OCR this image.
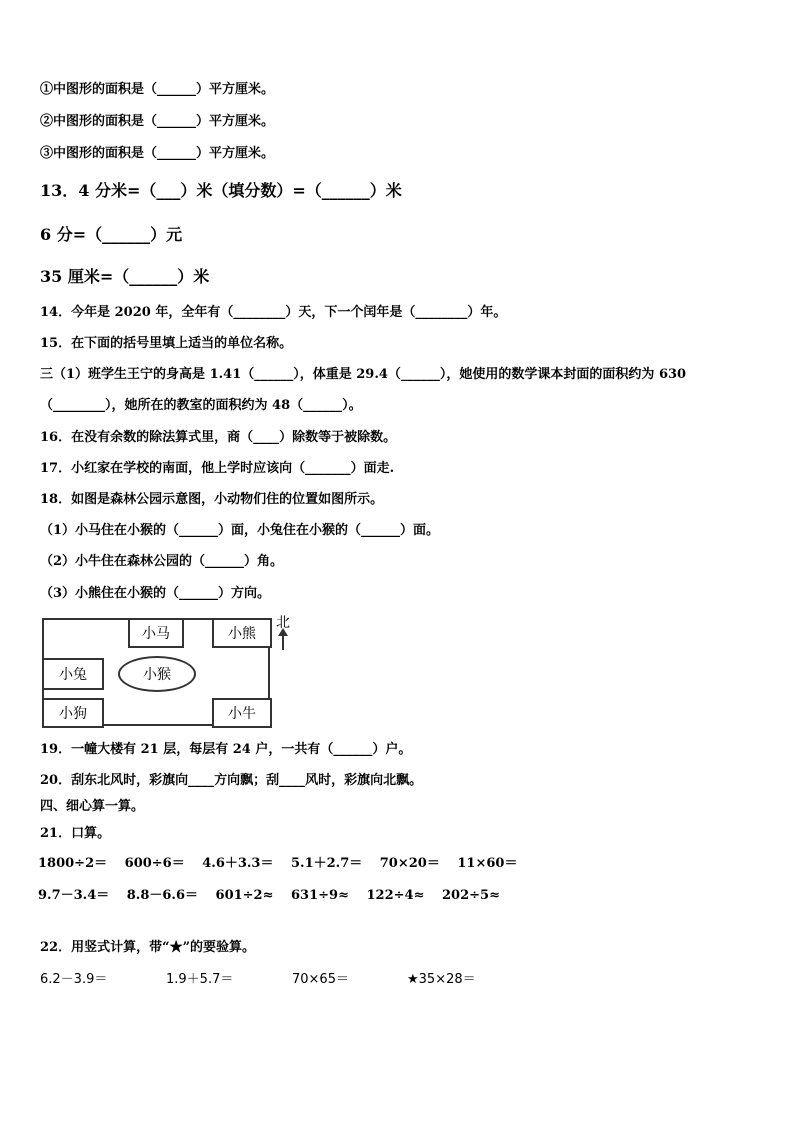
①中图形的面积是（______）平方厘米。
②中图形的面积是（______）平方厘米。
③中图形的面积是（______）平方厘米。
13．4 分米=（___）米（填分数）=（______）米
6 分=（______）元
35 厘米=（______）米
14．今年是 2020 年，全年有（________）天，下一个闰年是（________）年。
15．在下面的括号里填上适当的单位名称。
三（1）班学生王宁的身高是 1.41（______），体重是 29.4（______），她使用的数学课本封面的面积约为 630
（________），她所在的教室的面积约为 48（______）。
16．在没有余数的除法算式里，商（____）除数等于被除数。
17．小红家在学校的南面，他上学时应该向（_______）面走.
18．如图是森林公园示意图，小动物们住的位置如图所示。
（1）小马住在小猴的（______）面，小兔住在小猴的（______）面。
（2）小牛住在森林公园的（______）角。
（3）小熊住在小猴的（______）方向。
小马	小熊
小兔	小猴
小狗	小牛
北
19．一幢大楼有 21 层，每层有 24 户，一共有（______）户。
20．刮东北风时，彩旗向____方向飘；刮____风时，彩旗向北飘。
四、细心算一算。
21．口算。
1800÷2＝　 600÷6＝　 4.6＋3.3＝　 5.1＋2.7＝　 70×20＝　 11×60＝
9.7－3.4＝　 8.8－6.6＝　 601÷2≈　 631÷9≈　 122÷4≈　 202÷5≈
22．用竖式计算，带“★”的要验算。
6.2－3.9＝	1.9＋5.7＝	70×65＝	★35×28＝
